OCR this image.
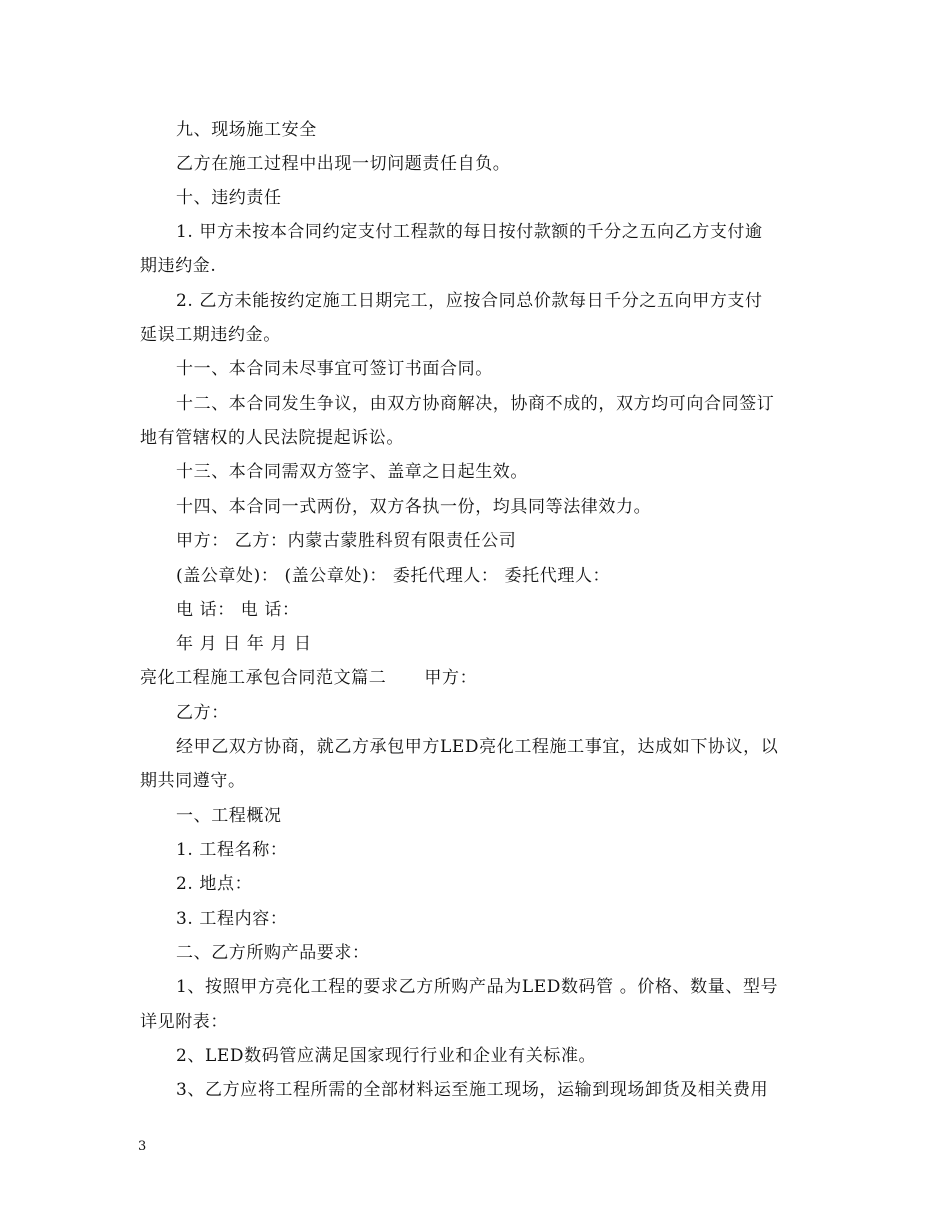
九、现场施工安全
乙方在施工过程中出现一切问题责任自负。
十、违约责任
1. 甲方未按本合同约定支付工程款的每日按付款额的千分之五向乙方支付逾
期违约金.
2. 乙方未能按约定施工日期完工，应按合同总价款每日千分之五向甲方支付
延误工期违约金。
十一、本合同未尽事宜可签订书面合同。
十二、本合同发生争议，由双方协商解决，协商不成的，双方均可向合同签订
地有管辖权的人民法院提起诉讼。
十三、本合同需双方签字、盖章之日起生效。
十四、本合同一式两份，双方各执一份，均具同等法律效力。
甲方： 乙方：内蒙古蒙胜科贸有限责任公司
(盖公章处)： (盖公章处)： 委托代理人： 委托代理人：
电 话： 电 话：
年 月 日 年 月 日
亮化工程施工承包合同范文篇二 甲方：
乙方：
经甲乙双方协商，就乙方承包甲方LED亮化工程施工事宜，达成如下协议，以
期共同遵守。
一、工程概况
1. 工程名称：
2. 地点：
3. 工程内容：
二、乙方所购产品要求：
1、按照甲方亮化工程的要求乙方所购产品为LED数码管 。价格、数量、型号
详见附表：
2、LED数码管应满足国家现行行业和企业有关标准。
3、乙方应将工程所需的全部材料运至施工现场，运输到现场卸货及相关费用
3
